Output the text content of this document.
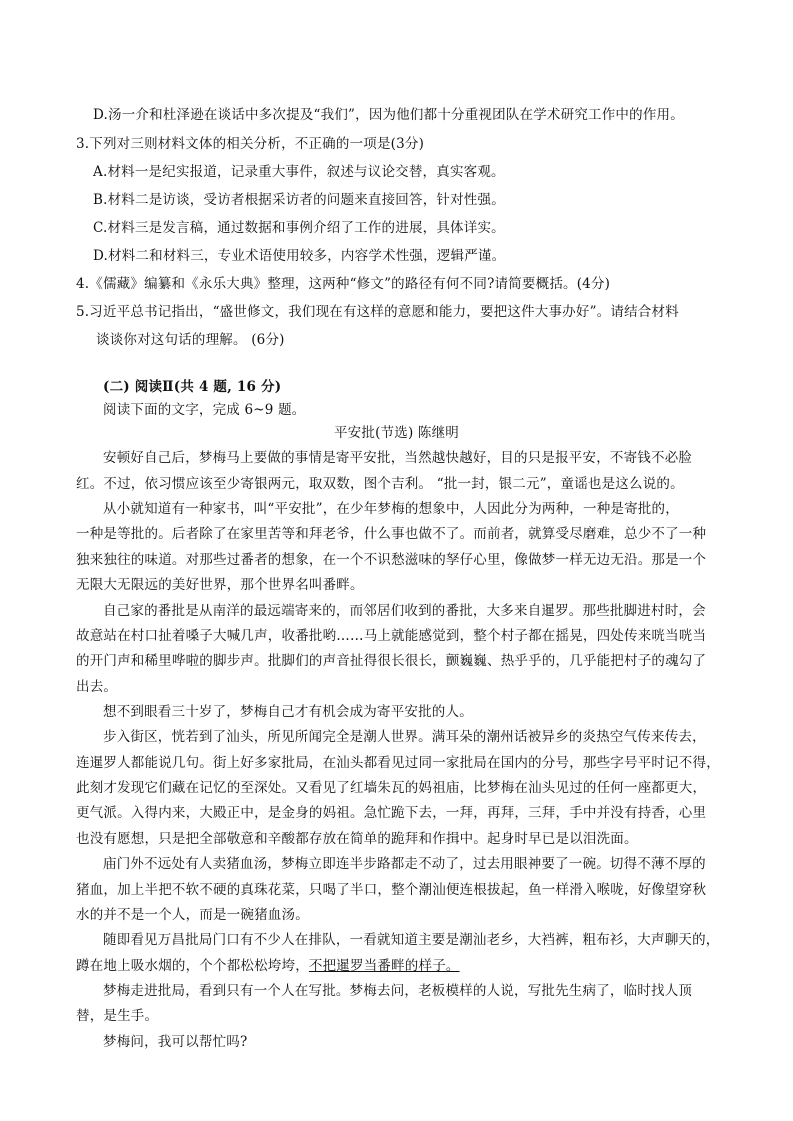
D.汤一介和杜泽逊在谈话中多次提及“我们”，因为他们都十分重视团队在学术研究工作中的作用。
3.下列对三则材料文体的相关分析，不正确的一项是(3分)
A.材料一是纪实报道，记录重大事件，叙述与议论交替，真实客观。
B.材料二是访谈，受访者根据采访者的问题来直接回答，针对性强。
C.材料三是发言稿，通过数据和事例介绍了工作的进展，具体详实。
D.材料二和材料三，专业术语使用较多，内容学术性强，逻辑严谨。
4.《儒藏》编纂和《永乐大典》整理，这两种“修文”的路径有何不同?请简要概括。(4分)
5.习近平总书记指出，“盛世修文，我们现在有这样的意愿和能力，要把这件大事办好”。请结合材料
谈谈你对这句话的理解。 (6分)
(二) 阅读Ⅱ(共 4 题, 16 分)
阅读下面的文字，完成 6~9 题。
平安批(节选) 陈继明
安顿好自己后，梦梅马上要做的事情是寄平安批，当然越快越好，目的只是报平安，不寄钱不必脸
红。不过，依习惯应该至少寄银两元，取双数，图个吉利。 “批一封，银二元”，童谣也是这么说的。
从小就知道有一种家书，叫“平安批”，在少年梦梅的想象中，人因此分为两种，一种是寄批的，
一种是等批的。后者除了在家里苦等和拜老爷，什么事也做不了。而前者，就算受尽磨难，总少不了一种
独来独往的味道。对那些过番者的想象，在一个不识愁滋味的孥仔心里，像做梦一样无边无沿。那是一个
无限大无限远的美好世界，那个世界名叫番畔。
自己家的番批是从南洋的最远端寄来的，而邻居们收到的番批，大多来自暹罗。那些批脚进村时，会
故意站在村口扯着嗓子大喊几声，收番批哟……马上就能感觉到，整个村子都在摇晃，四处传来咣当咣当
的开门声和稀里哗啦的脚步声。批脚们的声音扯得很长很长，颤巍巍、热乎乎的，几乎能把村子的魂勾了
出去。
想不到眼看三十岁了，梦梅自己才有机会成为寄平安批的人。
步入街区，恍若到了汕头，所见所闻完全是潮人世界。满耳朵的潮州话被异乡的炎热空气传来传去，
连暹罗人都能说几句。街上好多家批局，在汕头都看见过同一家批局在国内的分号，那些字号平时记不得，
此刻才发现它们藏在记忆的至深处。又看见了红墙朱瓦的妈祖庙，比梦梅在汕头见过的任何一座都更大，
更气派。入得内来，大殿正中，是金身的妈祖。急忙跪下去，一拜，再拜，三拜，手中并没有持香，心里
也没有愿想，只是把全部敬意和辛酸都存放在简单的跪拜和作揖中。起身时早已是以泪洗面。
庙门外不远处有人卖猪血汤，梦梅立即连半步路都走不动了，过去用眼神要了一碗。切得不薄不厚的
猪血，加上半把不软不硬的真珠花菜，只喝了半口，整个潮汕便连根拔起，鱼一样滑入喉咙，好像望穿秋
水的并不是一个人，而是一碗猪血汤。
随即看见万昌批局门口有不少人在排队，一看就知道主要是潮汕老乡，大裆裤，粗布衫，大声聊天的，
蹲在地上吸水烟的，个个都松松垮垮，不把暹罗当番畔的样子。
梦梅走进批局，看到只有一个人在写批。梦梅去问，老板模样的人说，写批先生病了，临时找人顶
替，是生手。
梦梅问，我可以帮忙吗?
